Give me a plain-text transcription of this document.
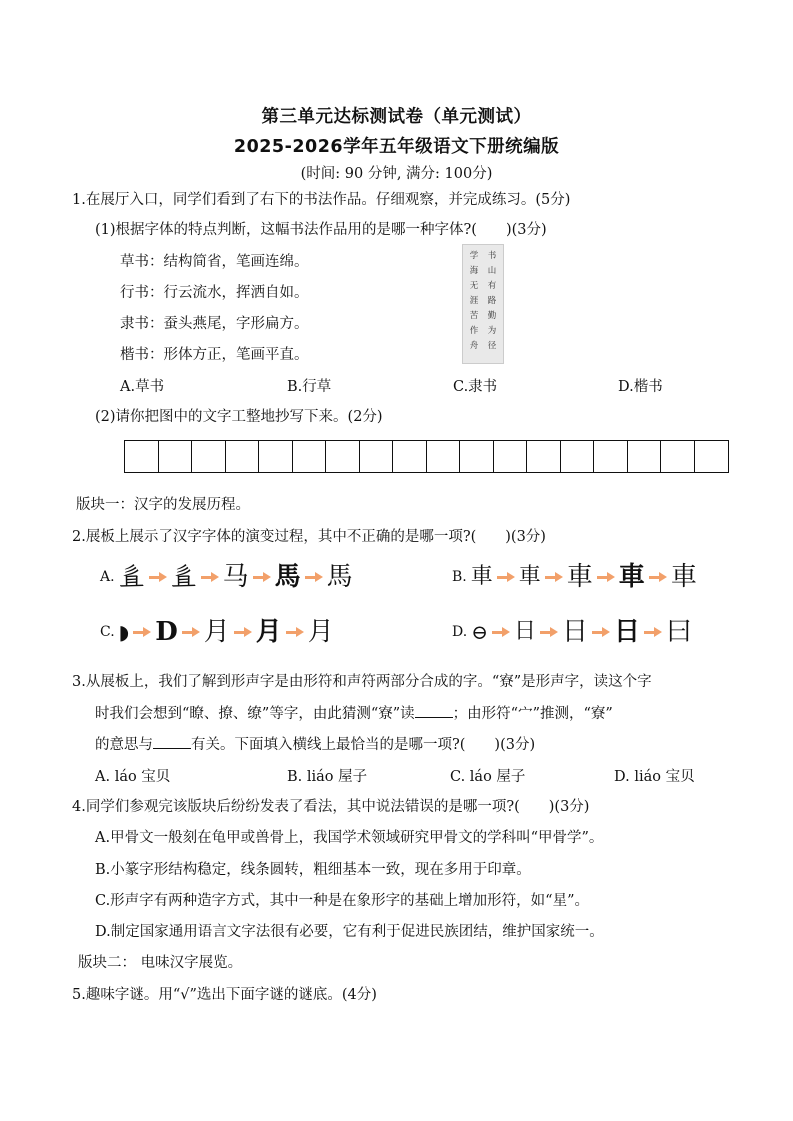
第三单元达标测试卷（单元测试）
2025-2026学年五年级语文下册统编版
(时间: 90 分钟, 满分: 100分)
1.在展厅入口，同学们看到了右下的书法作品。仔细观察，并完成练习。(5分)
(1)根据字体的特点判断，这幅书法作品用的是哪一种字体?(　　)(3分)
草书：结构简省，笔画连绵。
行书：行云流水，挥洒自如。
隶书：蚕头燕尾，字形扁方。
楷书：形体方正，笔画平直。
书山有路勤为径
学海无涯苦作舟
A.草书	B.行草	C.隶书	D.楷书
(2)请你把图中的文字工整地抄写下来。(2分)
版块一：汉字的发展历程。
2.展板上展示了汉字字体的演变过程，其中不正确的是哪一项?(　　)(3分)
A. 𢒉 𢒉 马 馬 馬	B. 車 車 車 車 車
C. ◗ D 月 月 月	D. ⊖ 日 日 日 曰
3.从展板上，我们了解到形声字是由形符和声符两部分合成的字。“寮”是形声字，读这个字
时我们会想到“瞭、撩、缭”等字，由此猜测“寮”读	；由形符“宀”推测，“寮”
的意思与	有关。下面填入横线上最恰当的是哪一项?(　　)(3分)
A. láo 宝贝	B. liáo 屋子	C. láo 屋子	D. liáo 宝贝
4.同学们参观完该版块后纷纷发表了看法，其中说法错误的是哪一项?(　　)(3分)
A.甲骨文一般刻在龟甲或兽骨上，我国学术领域研究甲骨文的学科叫“甲骨学”。
B.小篆字形结构稳定，线条圆转，粗细基本一致，现在多用于印章。
C.形声字有两种造字方式，其中一种是在象形字的基础上增加形符，如“星”。
D.制定国家通用语言文字法很有必要，它有利于促进民族团结，维护国家统一。
版块二： 电味汉字展览。
5.趣味字谜。用“√”选出下面字谜的谜底。(4分)
